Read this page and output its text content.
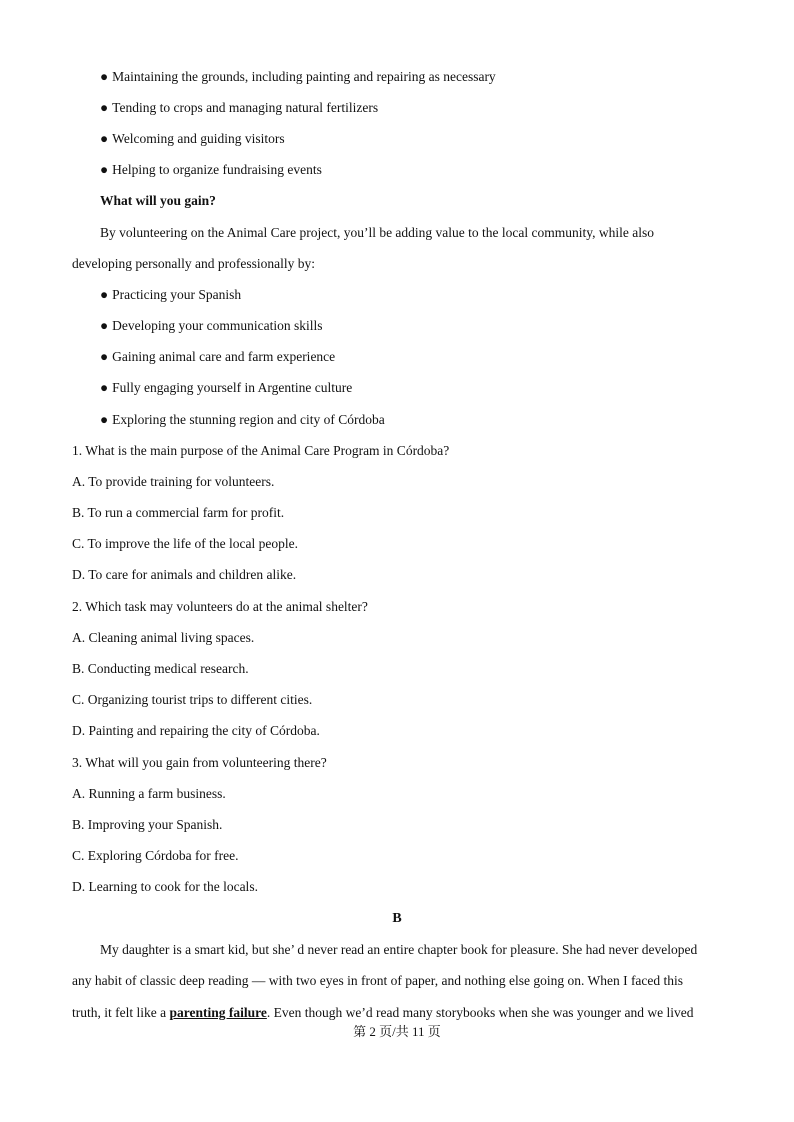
● Maintaining the grounds, including painting and repairing as necessary
● Tending to crops and managing natural fertilizers
● Welcoming and guiding visitors
● Helping to organize fundraising events
What will you gain?
By volunteering on the Animal Care project, you’ll be adding value to the local community, while also
developing personally and professionally by:
● Practicing your Spanish
● Developing your communication skills
● Gaining animal care and farm experience
● Fully engaging yourself in Argentine culture
● Exploring the stunning region and city of Córdoba
1. What is the main purpose of the Animal Care Program in Córdoba?
A. To provide training for volunteers.
B. To run a commercial farm for profit.
C. To improve the life of the local people.
D. To care for animals and children alike.
2. Which task may volunteers do at the animal shelter?
A. Cleaning animal living spaces.
B. Conducting medical research.
C. Organizing tourist trips to different cities.
D. Painting and repairing the city of Córdoba.
3. What will you gain from volunteering there?
A. Running a farm business.
B. Improving your Spanish.
C. Exploring Córdoba for free.
D. Learning to cook for the locals.
B
My daughter is a smart kid, but she’ d never read an entire chapter book for pleasure. She had never developed
any habit of classic deep reading — with two eyes in front of paper, and nothing else going on. When I faced this
truth, it felt like a parenting failure. Even though we’d read many storybooks when she was younger and we lived
第 2 页/共 11 页
